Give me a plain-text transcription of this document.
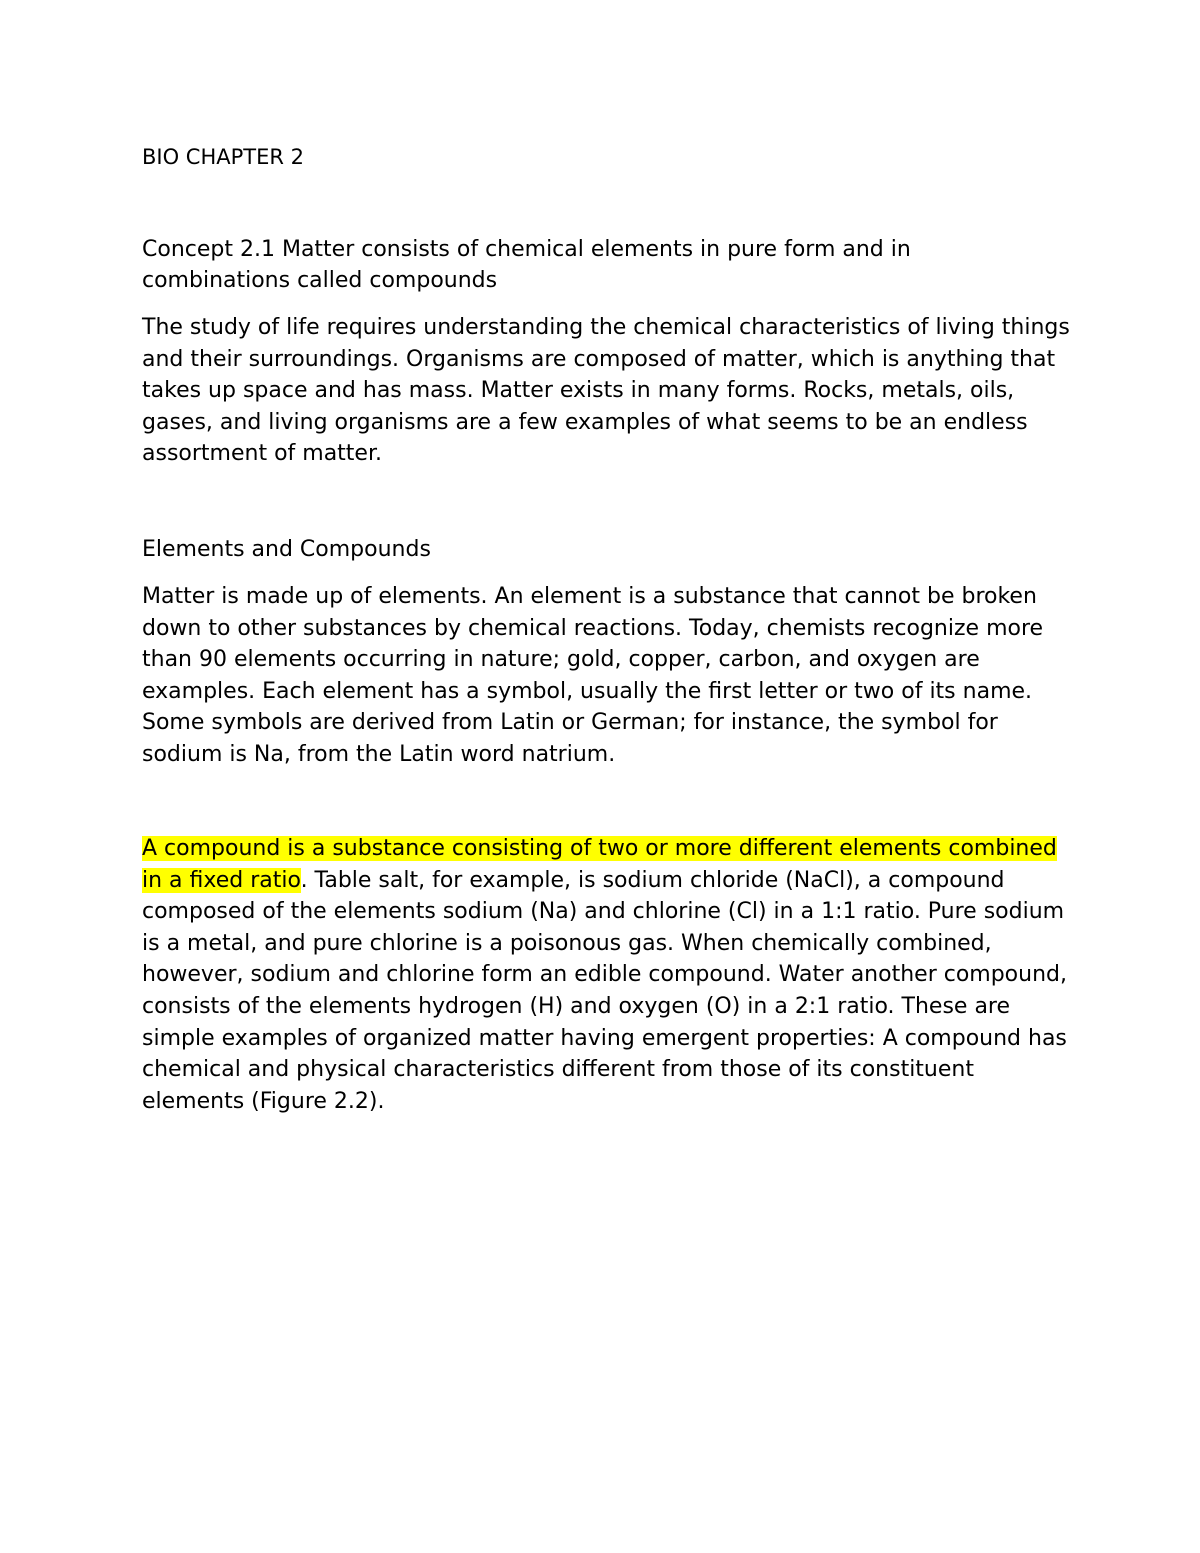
BIO CHAPTER 2
Concept 2.1 Matter consists of chemical elements in pure form and in combinations called compounds
The study of life requires understanding the chemical characteristics of living things and their surroundings. Organisms are composed of matter, which is anything that takes up space and has mass. Matter exists in many forms. Rocks, metals, oils, gases, and living organisms are a few examples of what seems to be an endless assortment of matter.
Elements and Compounds
Matter is made up of elements. An element is a substance that cannot be broken down to other substances by chemical reactions. Today, chemists recognize more than 90 elements occurring in nature; gold, copper, carbon, and oxygen are examples. Each element has a symbol, usually the first letter or two of its name. Some symbols are derived from Latin or German; for instance, the symbol for sodium is Na, from the Latin word natrium.
A compound is a substance consisting of two or more different elements combined in a fixed ratio. Table salt, for example, is sodium chloride (NaCl), a compound composed of the elements sodium (Na) and chlorine (Cl) in a 1:1 ratio. Pure sodium is a metal, and pure chlorine is a poisonous gas. When chemically combined, however, sodium and chlorine form an edible compound. Water another compound, consists of the elements hydrogen (H) and oxygen (O) in a 2:1 ratio. These are simple examples of organized matter having emergent properties: A compound has chemical and physical characteristics different from those of its constituent elements (Figure 2.2).
